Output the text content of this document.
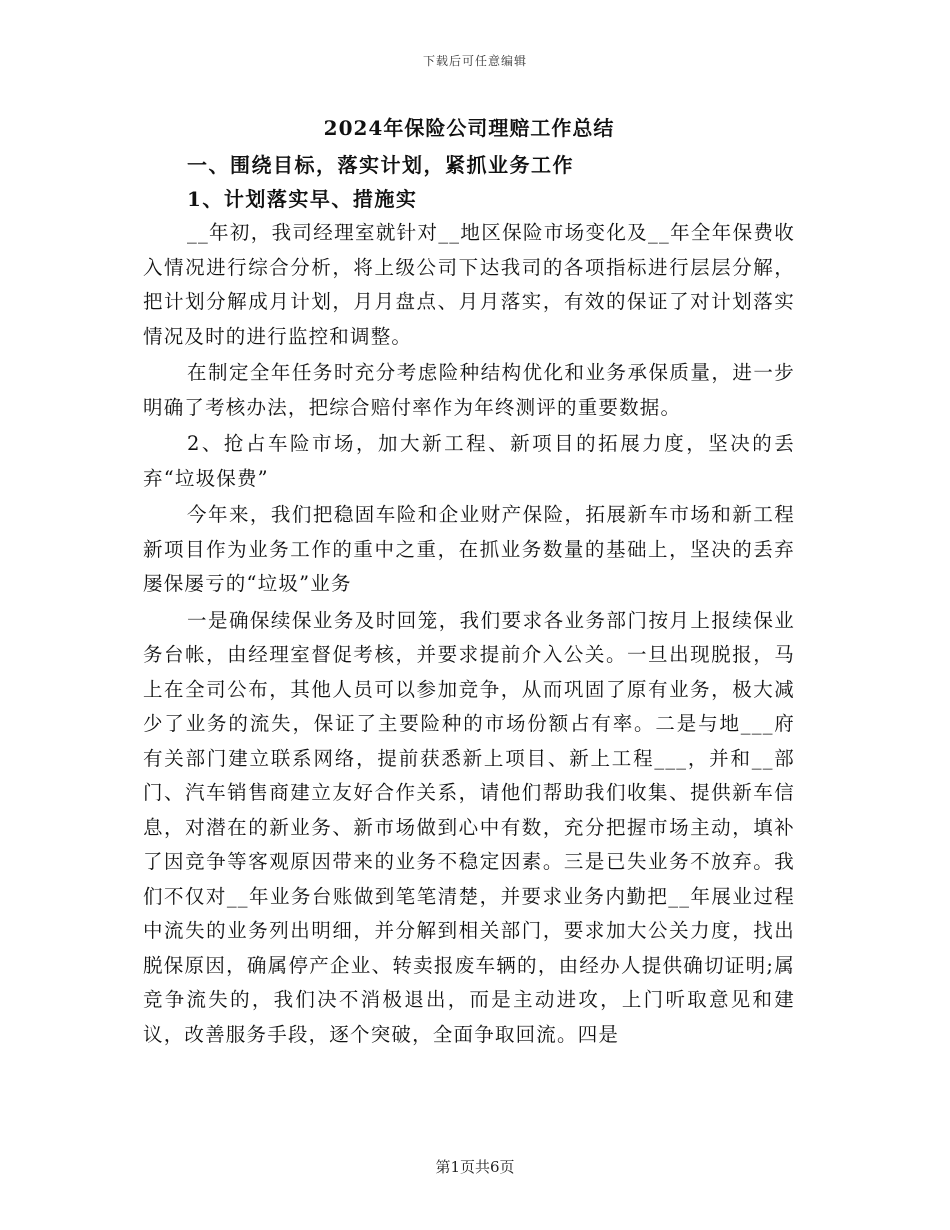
下载后可任意编辑
2024年保险公司理赔工作总结

一、围绕目标，落实计划，紧抓业务工作

1、计划落实早、措施实

__年初，我司经理室就针对__地区保险市场变化及__年全年保费收入情况进行综合分析，将上级公司下达我司的各项指标进行层层分解，把计划分解成月计划，月月盘点、月月落实，有效的保证了对计划落实情况及时的进行监控和调整。

在制定全年任务时充分考虑险种结构优化和业务承保质量，进一步明确了考核办法，把综合赔付率作为年终测评的重要数据。

2、抢占车险市场，加大新工程、新项目的拓展力度，坚决的丢弃“垃圾保费”

今年来，我们把稳固车险和企业财产保险，拓展新车市场和新工程新项目作为业务工作的重中之重，在抓业务数量的基础上，坚决的丢弃屡保屡亏的“垃圾”业务

一是确保续保业务及时回笼，我们要求各业务部门按月上报续保业务台帐，由经理室督促考核，并要求提前介入公关。一旦出现脱报，马上在全司公布，其他人员可以参加竞争，从而巩固了原有业务，极大减少了业务的流失，保证了主要险种的市场份额占有率。二是与地___府有关部门建立联系网络，提前获悉新上项目、新上工程___，并和__部门、汽车销售商建立友好合作关系，请他们帮助我们收集、提供新车信息，对潜在的新业务、新市场做到心中有数，充分把握市场主动，填补了因竞争等客观原因带来的业务不稳定因素。三是已失业务不放弃。我们不仅对__年业务台账做到笔笔清楚，并要求业务内勤把__年展业过程中流失的业务列出明细，并分解到相关部门，要求加大公关力度，找出脱保原因，确属停产企业、转卖报废车辆的，由经办人提供确切证明;属竞争流失的，我们决不消极退出，而是主动进攻，上门听取意见和建议，改善服务手段，逐个突破，全面争取回流。四是

第1页共6页
